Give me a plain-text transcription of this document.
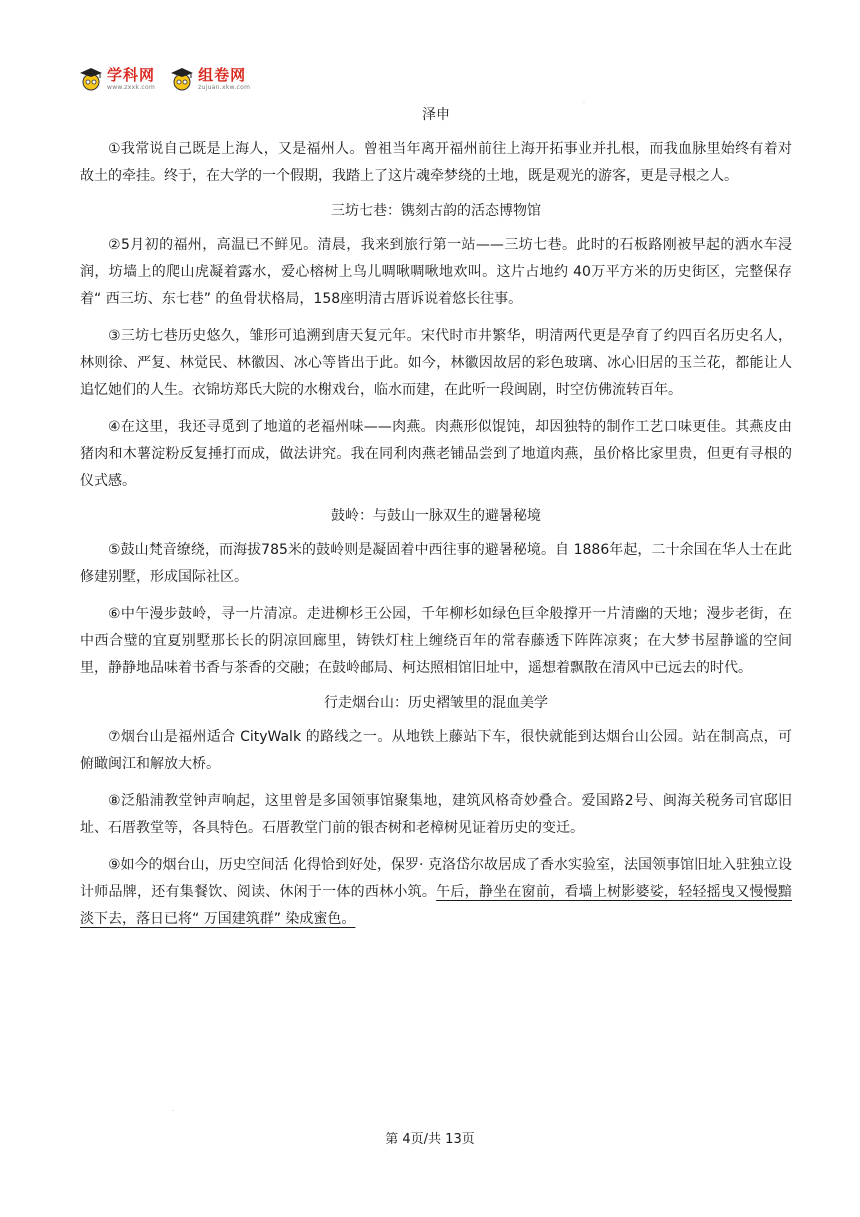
学科网
www.zxxk.com
组卷网
zujuan.xkw.com
·
泽申

①我常说自己既是上海人，又是福州人。曾祖当年离开福州前往上海开拓事业并扎根，而我血脉里始终有着对故土的牵挂。终于，在大学的一个假期，我踏上了这片魂牵梦绕的土地，既是观光的游客，更是寻根之人。

三坊七巷：镌刻古韵的活态博物馆

②5月初的福州，高温已不鲜见。清晨，我来到旅行第一站——三坊七巷。此时的石板路刚被早起的洒水车浸润，坊墙上的爬山虎凝着露水，爱心榕树上鸟儿啁啾啁啾地欢叫。这片占地约 40万平方米的历史街区，完整保存着“ 西三坊、东七巷” 的鱼骨状格局，158座明清古厝诉说着悠长往事。

③三坊七巷历史悠久，雏形可追溯到唐天复元年。宋代时市井繁华，明清两代更是孕育了约四百名历史名人，林则徐、严复、林觉民、林徽因、冰心等皆出于此。如今，林徽因故居的彩色玻璃、冰心旧居的玉兰花，都能让人追忆她们的人生。衣锦坊郑氏大院的水榭戏台，临水而建，在此听一段闽剧，时空仿佛流转百年。

④在这里，我还寻觅到了地道的老福州味——肉燕。肉燕形似馄饨，却因独特的制作工艺口味更佳。其燕皮由猪肉和木薯淀粉反复捶打而成，做法讲究。我在同利肉燕老铺品尝到了地道肉燕，虽价格比家里贵，但更有寻根的仪式感。

鼓岭：与鼓山一脉双生的避暑秘境

⑤鼓山梵音缭绕，而海拔785米的鼓岭则是凝固着中西往事的避暑秘境。自 1886年起，二十余国在华人士在此修建别墅，形成国际社区。

⑥中午漫步鼓岭，寻一片清凉。走进柳杉王公园，千年柳杉如绿色巨伞般撑开一片清幽的天地；漫步老街，在中西合璧的宜夏别墅那长长的阴凉回廊里，铸铁灯柱上缠绕百年的常春藤透下阵阵凉爽；在大梦书屋静谧的空间里，静静地品味着书香与茶香的交融；在鼓岭邮局、柯达照相馆旧址中，遥想着飘散在清风中已远去的时代。

行走烟台山：历史褶皱里的混血美学

⑦烟台山是福州适合 CityWalk 的路线之一。从地铁上藤站下车，很快就能到达烟台山公园。站在制高点，可俯瞰闽江和解放大桥。

⑧泛船浦教堂钟声响起，这里曾是多国领事馆聚集地，建筑风格奇妙叠合。爱国路2号、闽海关税务司官邸旧址、石厝教堂等，各具特色。石厝教堂门前的银杏树和老樟树见证着历史的变迁。

⑨如今的烟台山，历史空间活 化得恰到好处，保罗· 克洛岱尔故居成了香水实验室，法国领事馆旧址入驻独立设计师品牌，还有集餐饮、阅读、休闲于一体的西林小筑。午后，静坐在窗前，看墙上树影婆娑，轻轻摇曳又慢慢黯淡下去，落日已将“ 万国建筑群” 染成蜜色。

·
第 4页/共 13页
